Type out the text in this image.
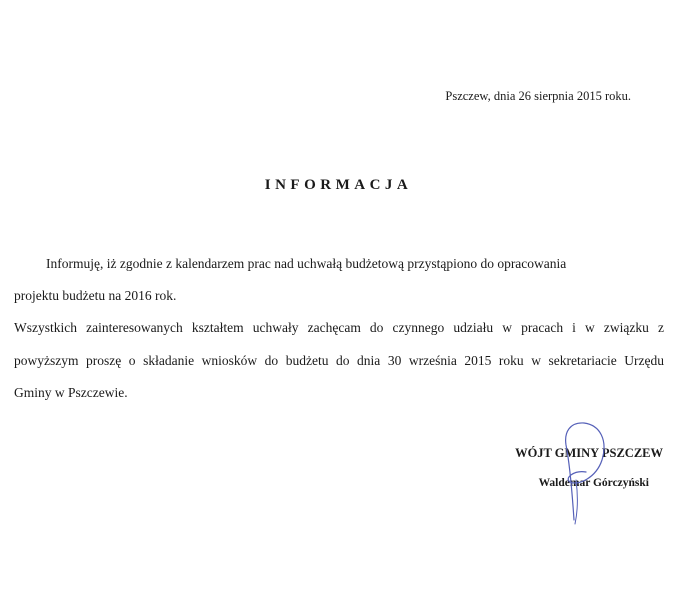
Pszczew, dnia 26 sierpnia 2015 roku.
INFORMACJA
Informuję, iż zgodnie z kalendarzem prac nad uchwałą budżetową przystąpiono do opracowania
projektu budżetu na 2016 rok.
Wszystkich zainteresowanych kształtem uchwały zachęcam do czynnego udziału w pracach i w związku z
powyższym proszę o składanie wniosków do budżetu do dnia 30 września 2015 roku w sekretariacie Urzędu
Gminy w Pszczewie.
WÓJT GMINY PSZCZEW
Waldemar Górczyński
